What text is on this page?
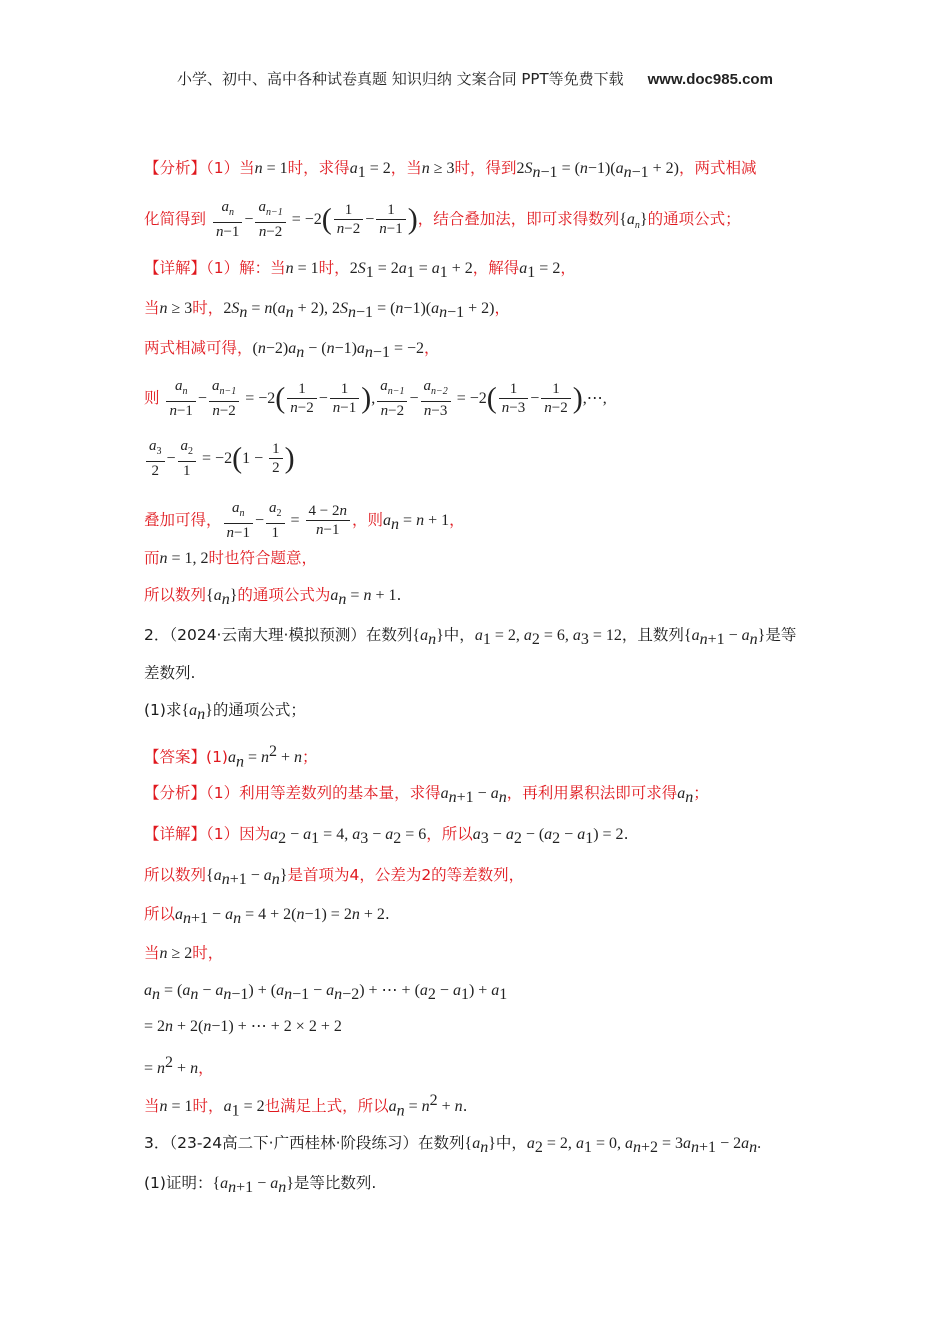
小学、初中、高中各种试卷真题 知识归纳 文案合同 PPT等免费下载 www.doc985.com
【分析】（1）当n = 1时，求得$a_1 = 2$，当n ≥ 3时，得到$2S_{n-1} = (n-1)(a_{n-1} + 2)$，两式相减
化简得到 $\frac{a_n}{n-1} - \frac{a_{n-1}}{n-2} = -2( \frac{1}{n-2} - \frac{1}{n-1}$ )，结合叠加法，即可求得数列$\{a_n\}$的通项公式；
【详解】（1）解：当n = 1时，$2S_1 = 2a_1 = a_1 + 2$，解得$a_1 = 2$，
当n ≥ 3时，$2S_n = n(a_n + 2)$, $2S_{n-1} = (n-1)(a_{n-1} + 2)$，
两式相减可得，$(n-2)a_n - (n-1)a_{n-1} = -2$，
则 $\frac{a_n}{n-1} - \frac{a_{n-1}}{n-2} = -2( \frac{1}{n-2} - \frac{1}{n-1}$ ), $\frac{a_{n-1}}{n-2} - \frac{a_{n-2}}{n-3} = -2( \frac{1}{n-3} - \frac{1}{n-2}$ ),⋯,
$\frac{a_3}{2} - \frac{a_2}{1} = -2(1 - \frac{1}{2}$ )
叠加可得， $\frac{a_n}{n-1} - \frac{a_2}{1} = \frac{4 - 2n}{n-1}$ ，则$a_n = n + 1$，
而n = 1, 2时也符合题意，
所以数列$\{a_n\}$的通项公式为$a_n = n + 1$.
2．（2024·云南大理·模拟预测）在数列$\{a_n\}$中，$a_1 = 2$, $a_2 = 6$, $a_3 = 12$，且数列$\{a_{n+1} - a_n\}$是等
差数列.
(1)求$\{a_n\}$的通项公式；
【答案】$(1)a_n = n^2 + n$；
【分析】（1）利用等差数列的基本量，求得$a_{n+1} - a_n$，再利用累积法即可求得$a_n$；
【详解】（1）因为$a_2 - a_1 = 4$, $a_3 - a_2 = 6$，所以$a_3 - a_2 - (a_2 - a_1) = 2$.
所以数列$\{a_{n+1} - a_n\}$是首项为4，公差为2的等差数列，
所以$a_{n+1} - a_n = 4 + 2(n-1) = 2n + 2$.
当n ≥ 2时，
$a_n = (a_n - a_{n-1}) + (a_{n-1} - a_{n-2})$ + ⋯ + $(a_2 - a_1) + a_1$
= 2n + 2(n−1) + ⋯ + 2 × 2 + 2
= $n^2 + n$，
当n = 1时，$a_1 = 2$也满足上式，所以$a_n = n^2 + n$.
3．（23-24高二下·广西桂林·阶段练习）在数列$\{a_n\}$中，$a_2 = 2$, $a_1 = 0$, $a_{n+2} = 3a_{n+1} - 2a_n$.
(1)证明：$\{a_{n+1} - a_n\}$是等比数列.
